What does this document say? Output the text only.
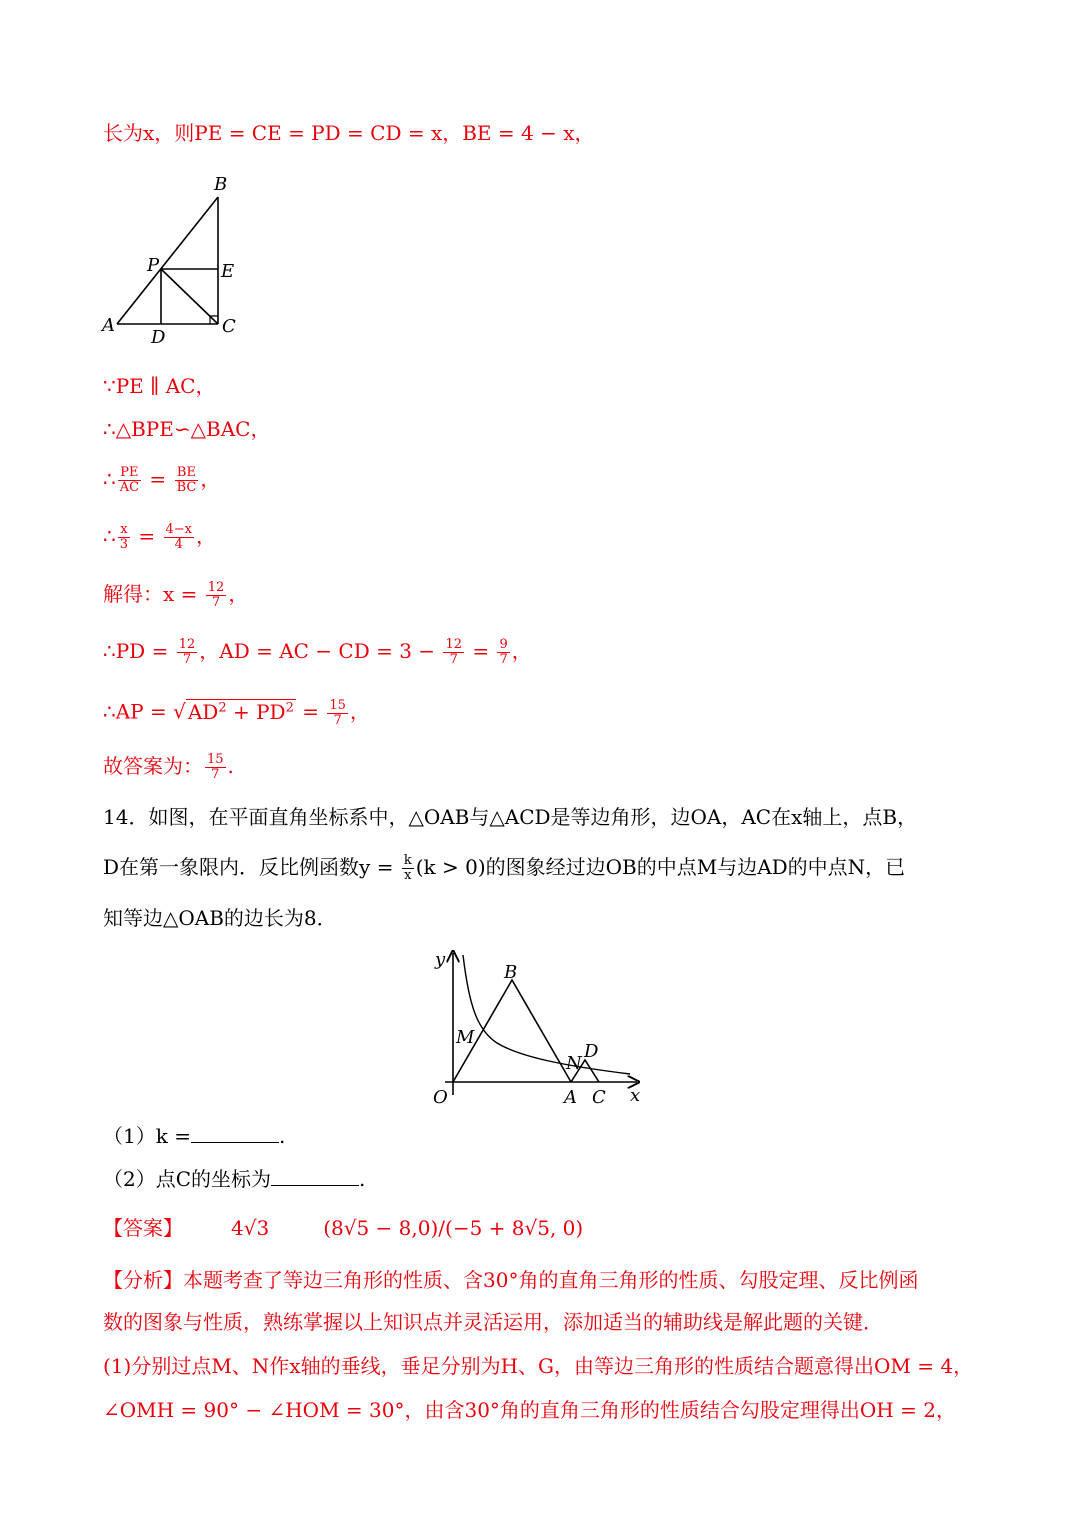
长为x，则PE = CE = PD = CD = x，BE = 4 − x，
B
P	E
A
D
C
∵PE ∥ AC，
∴△BPE∽△BAC，
∴ $\frac{PE}{AC} = \frac{BE}{BC}$ ，
∴ $\frac{x}{3} = \frac{4-x}{4}$ ，
解得：$x = \frac{12}{7}$ ，
∴PD = $\frac{12}{7}$ ，AD = AC − CD = $3 - \frac{12}{7} = \frac{9}{7}$ ，
∴AP = √ $AD^2 + PD^2 = \frac{15}{7}$ ，
故答案为： $\frac{15}{7}$ .
14．如图，在平面直角坐标系中，△OAB与△ACD是等边角形，边OA，AC在x轴上，点B，
D在第一象限内．反比例函数$y = \frac{k}{x} (k > 0)$的图象经过边OB的中点M与边AD的中点N，已
知等边△OAB的边长为8．
y
B
M
N
D
O	A C x
（1）k =	.
（2）点C的坐标为	.
【答案】 4√3	(8√5 − 8,0)/(−5 + 8√5, 0)
【分析】本题考查了等边三角形的性质、含30°角的直角三角形的性质、勾股定理、反比例函
数的图象与性质，熟练掌握以上知识点并灵活运用，添加适当的辅助线是解此题的关键．
(1)分别过点M、N作x轴的垂线，垂足分别为H、G，由等边三角形的性质结合题意得出OM = 4，
∠OMH = 90° − ∠HOM = 30°，由含30°角的直角三角形的性质结合勾股定理得出OH = 2，
